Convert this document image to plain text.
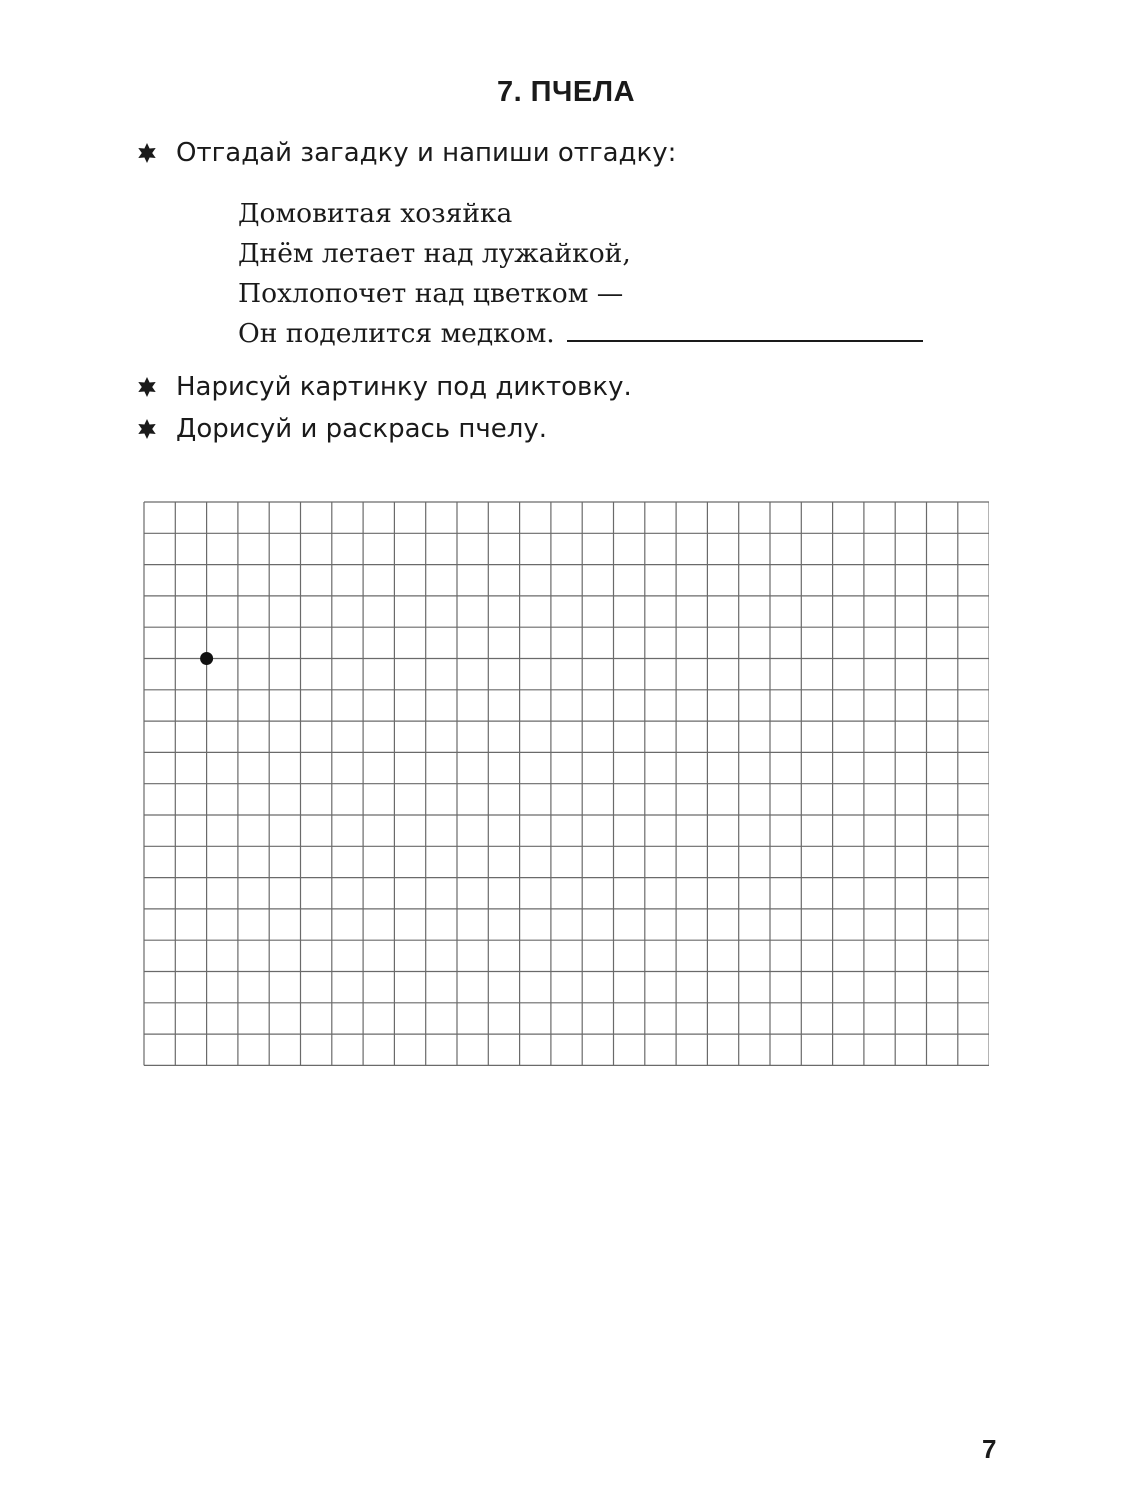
7. ПЧЕЛА
Отгадай загадку и напиши отгадку:
Домовитая хозяйка
Днём летает над лужайкой,
Похлопочет над цветком —
Он поделится медком.
Нарисуй картинку под диктовку.
Дорисуй и раскрась пчелу.
7
